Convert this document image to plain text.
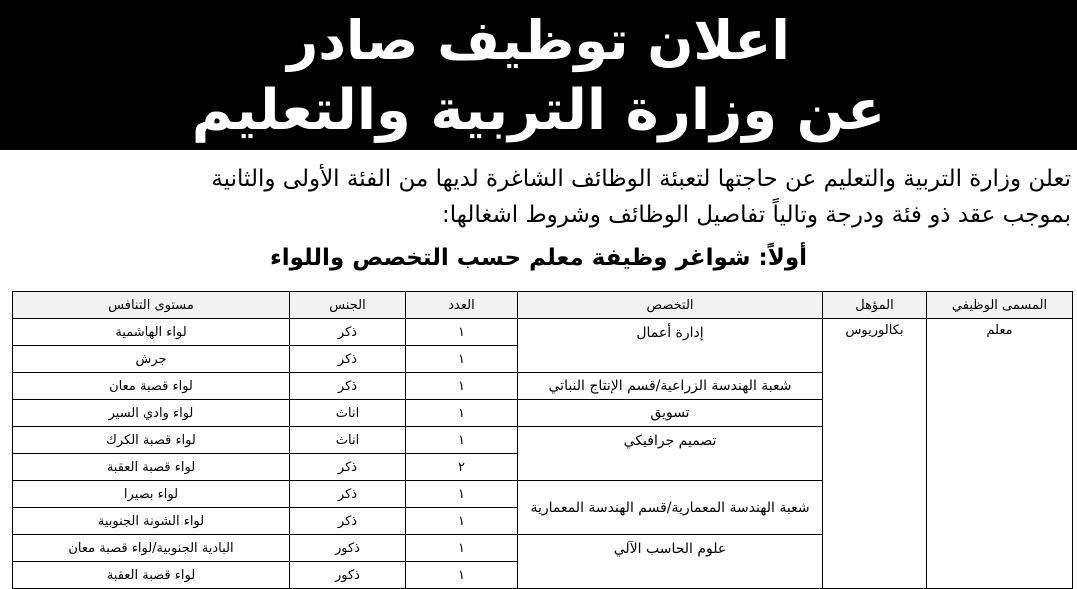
اعلان توظيف صادر
عن وزارة التربية والتعليم
تعلن وزارة التربية والتعليم عن حاجتها لتعبئة الوظائف الشاغرة لديها من الفئة الأولى والثانية
بموجب عقد ذو فئة ودرجة وتالياً تفاصيل الوظائف وشروط اشغالها:
أولاً: شواغر وظيفة معلم حسب التخصص واللواء
المسمى الوظيفي	المؤهل	التخصص	العدد	الجنس	مستوى التنافس
معلم	بكالوريوس	إدارة أعمال	١	ذكر	لواء الهاشمية
			١	ذكر	جرش
		شعبة الهندسة الزراعية/قسم الإنتاج النباتي	١	ذكر	لواء قصبة معان
		تسويق	١	اناث	لواء وادي السير
		تصميم جرافيكي	١	اناث	لواء قصبة الكرك
			٢	ذكر	لواء قصبة العقبة
		شعبة الهندسة المعمارية/قسم الهندسة المعمارية	١	ذكر	لواء بصيرا
			١	ذكر	لواء الشونة الجنوبية
		علوم الحاسب الآلي	١	ذكور	البادية الجنوبية/لواء قصبة معان
			١	ذكور	لواء قصبة العقبة
